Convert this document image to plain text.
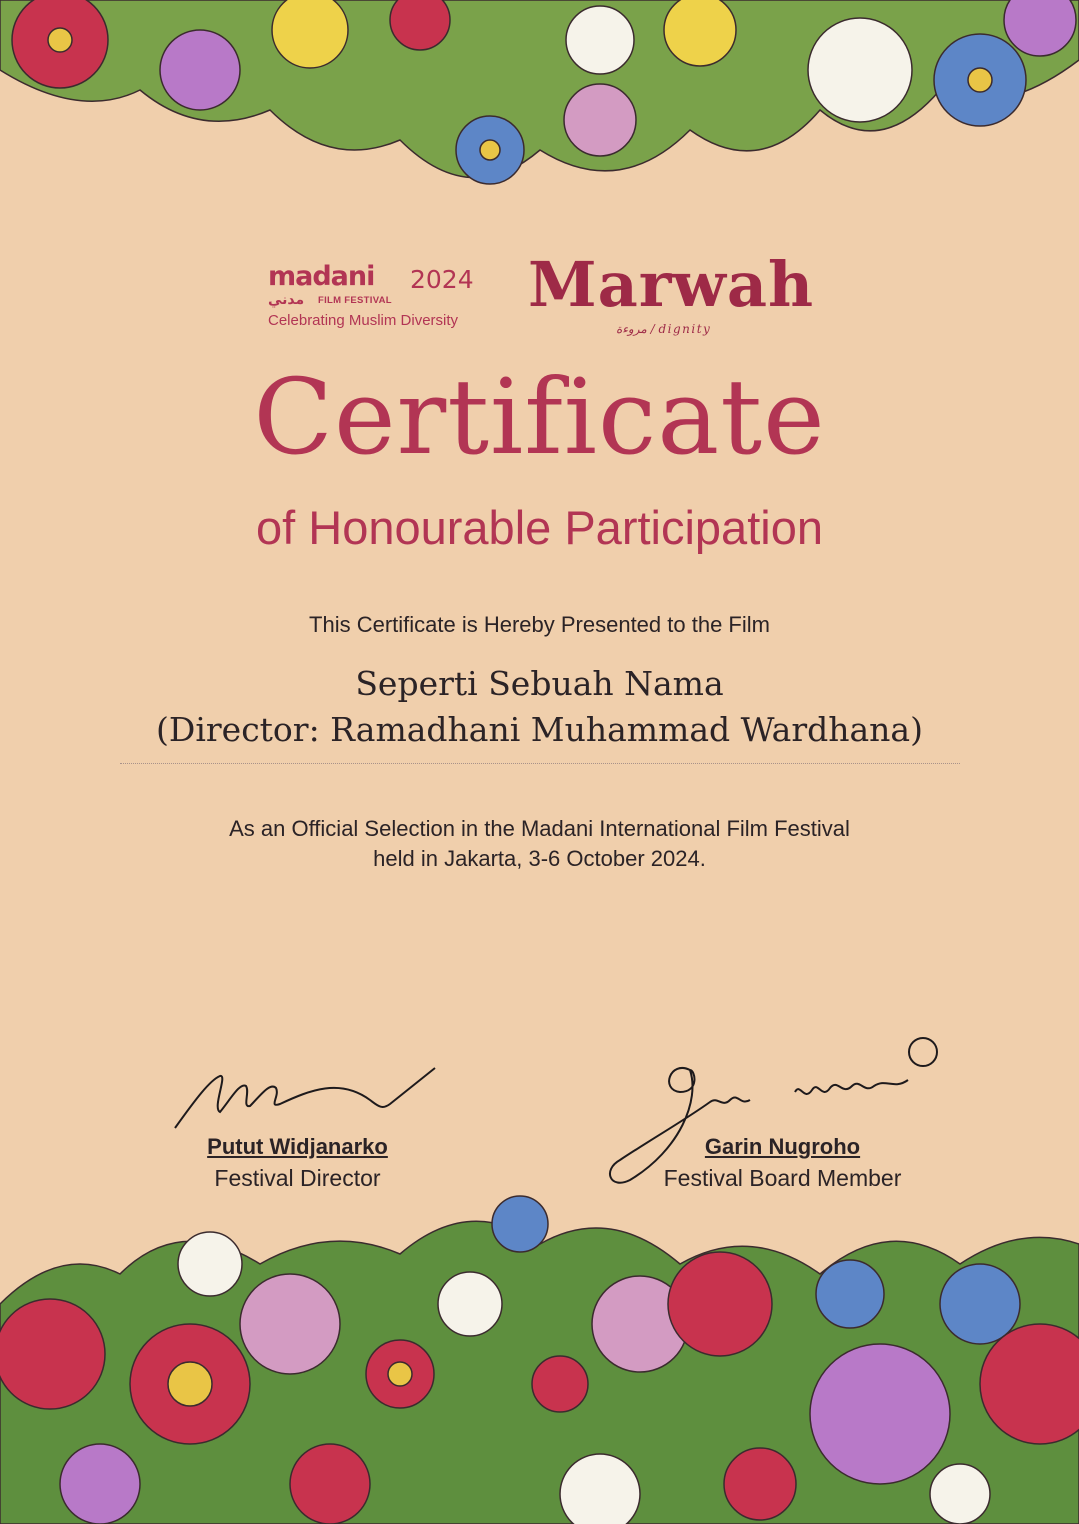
madani 2024
مدني FILM FESTIVAL
Celebrating Muslim Diversity Marwah
مروءة / dignity
Certificate
of Honourable Participation
This Certificate is Hereby Presented to the Film
Seperti Sebuah Nama
(Director: Ramadhani Muhammad Wardhana)
As an Official Selection in the Madani International Film Festival
held in Jakarta, 3-6 October 2024.
Putut Widjanarko
Festival Director
Garin Nugroho
Festival Board Member
